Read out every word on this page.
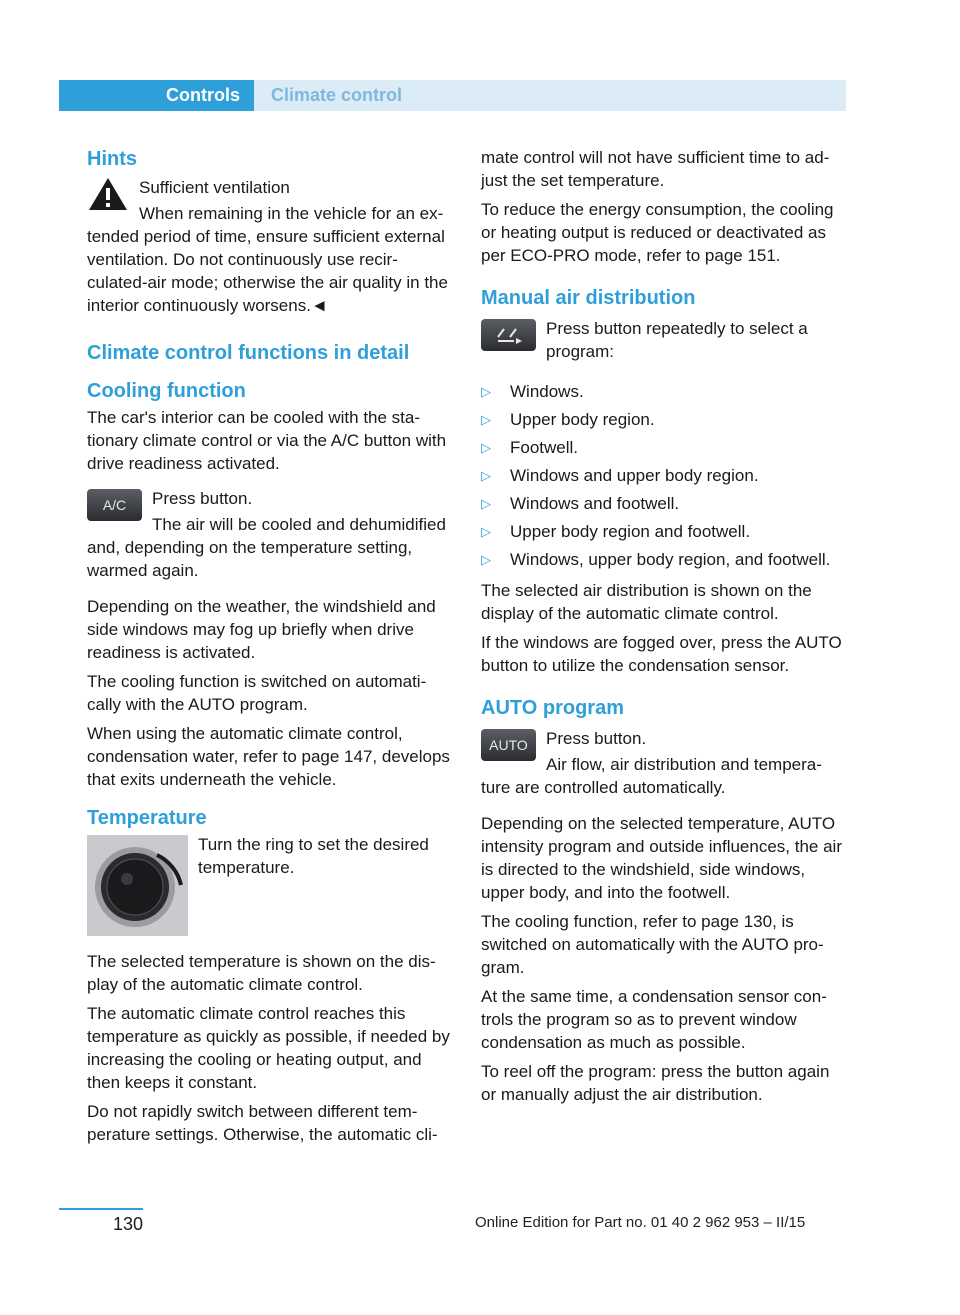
Controls	Climate control
Hints

Sufficient ventilation

When remaining in the vehicle for an extended period of time, ensure sufficient external ventilation. Do not continuously use recirculated-air mode; otherwise the air quality in the interior continuously worsens.◄

Climate control functions in detail
Cooling function

The car's interior can be cooled with the stationary climate control or via the A/C button with drive readiness activated.

A/C	Press button.

The air will be cooled and dehumidified and, depending on the temperature setting, warmed again.

Depending on the weather, the windshield and side windows may fog up briefly when drive readiness is activated.

The cooling function is switched on automatically with the AUTO program.

When using the automatic climate control, condensation water, refer to page 147, develops that exits underneath the vehicle.

Temperature

Turn the ring to set the desired temperature.

The selected temperature is shown on the display of the automatic climate control.

The automatic climate control reaches this temperature as quickly as possible, if needed by increasing the cooling or heating output, and then keeps it constant.

Do not rapidly switch between different temperature settings. Otherwise, the automatic cli-

mate control will not have sufficient time to adjust the set temperature.

To reduce the energy consumption, the cooling or heating output is reduced or deactivated as per ECO-PRO mode, refer to page 151.

Manual air distribution

Press button repeatedly to select a program:

▷ Windows.
▷ Upper body region.
▷ Footwell.
▷ Windows and upper body region.
▷ Windows and footwell.
▷ Upper body region and footwell.
▷ Windows, upper body region, and footwell.

The selected air distribution is shown on the display of the automatic climate control.

If the windows are fogged over, press the AUTO button to utilize the condensation sensor.

AUTO program
AUTO	Press button.

Air flow, air distribution and temperature are controlled automatically.

Depending on the selected temperature, AUTO intensity program and outside influences, the air is directed to the windshield, side windows, upper body, and into the footwell.

The cooling function, refer to page 130, is switched on automatically with the AUTO program.

At the same time, a condensation sensor controls the program so as to prevent window condensation as much as possible.

To reel off the program: press the button again or manually adjust the air distribution.

130	Online Edition for Part no. 01 40 2 962 953 – II/15
